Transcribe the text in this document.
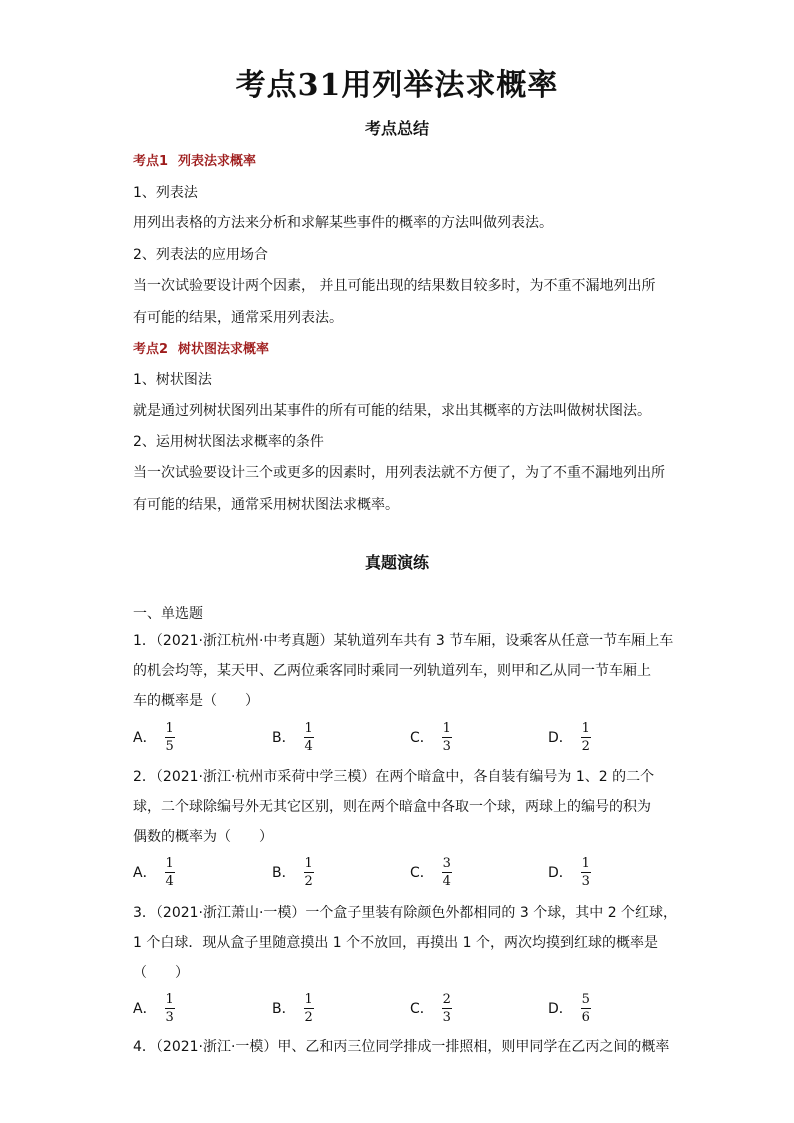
考点31用列举法求概率
考点总结
考点1 列表法求概率
1、列表法
用列出表格的方法来分析和求解某些事件的概率的方法叫做列表法。
2、列表法的应用场合
当一次试验要设计两个因素， 并且可能出现的结果数目较多时，为不重不漏地列出所
有可能的结果，通常采用列表法。
考点2 树状图法求概率
1、树状图法
就是通过列树状图列出某事件的所有可能的结果，求出其概率的方法叫做树状图法。
2、运用树状图法求概率的条件
当一次试验要设计三个或更多的因素时，用列表法就不方便了，为了不重不漏地列出所
有可能的结果，通常采用树状图法求概率。
真题演练
一、单选题
1．（2021·浙江杭州·中考真题）某轨道列车共有 3 节车厢，设乘客从任意一节车厢上车
的机会均等，某天甲、乙两位乘客同时乘同一列轨道列车，则甲和乙从同一节车厢上
车的概率是（　　）
A． $\frac{1}{5}$	B． $\frac{1}{4}$	C． $\frac{1}{3}$	D． $\frac{1}{2}$
2．（2021·浙江·杭州市采荷中学三模）在两个暗盒中，各自装有编号为 1、2 的二个
球，二个球除编号外无其它区别，则在两个暗盒中各取一个球，两球上的编号的积为
偶数的概率为（　　）
A． $\frac{1}{4}$	B． $\frac{1}{2}$	C． $\frac{3}{4}$	D． $\frac{1}{3}$
3．（2021·浙江萧山·一模）一个盒子里装有除颜色外都相同的 3 个球，其中 2 个红球，
1 个白球．现从盒子里随意摸出 1 个不放回，再摸出 1 个，两次均摸到红球的概率是
（　　）
A． $\frac{1}{3}$	B． $\frac{1}{2}$	C． $\frac{2}{3}$	D． $\frac{5}{6}$
4．（2021·浙江·一模）甲、乙和丙三位同学排成一排照相，则甲同学在乙丙之间的概率
